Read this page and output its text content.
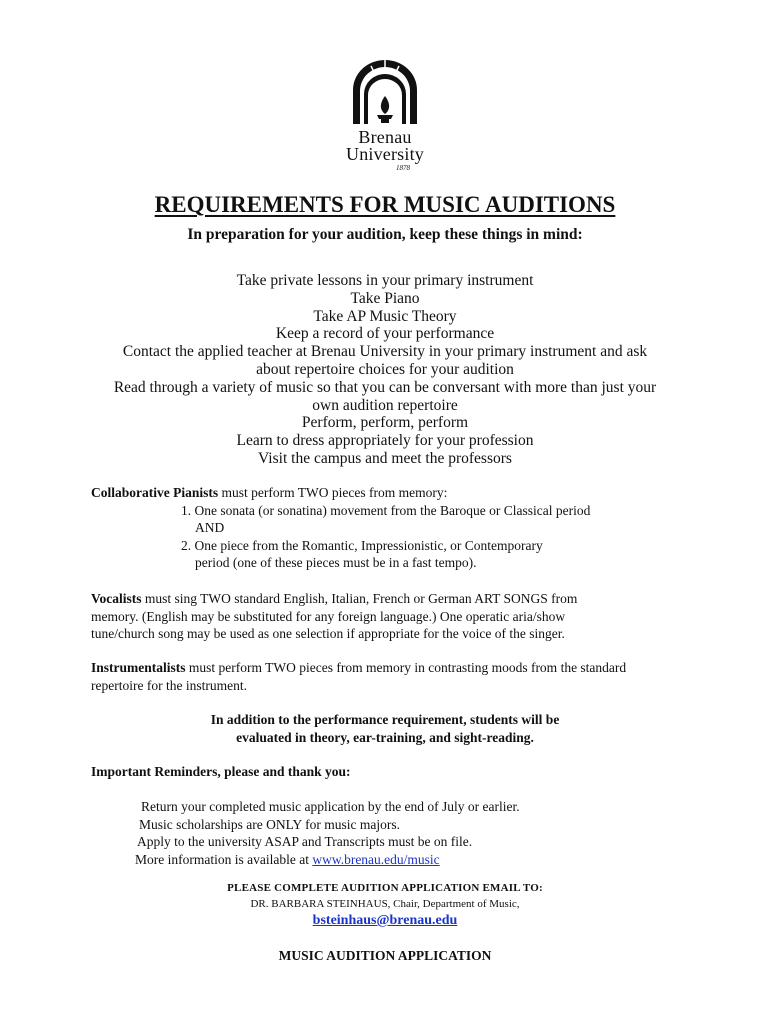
Brenau
University
1878
REQUIREMENTS FOR MUSIC AUDITIONS
In preparation for your audition, keep these things in mind:
Take private lessons in your primary instrument
Take Piano
Take AP Music Theory
Keep a record of your performance
Contact the applied teacher at Brenau University in your primary instrument and ask
about repertoire choices for your audition
Read through a variety of music so that you can be conversant with more than just your
own audition repertoire
Perform, perform, perform
Learn to dress appropriately for your profession
Visit the campus and meet the professors
Collaborative Pianists must perform TWO pieces from memory:
1. One sonata (or sonatina) movement from the Baroque or Classical period
AND
2. One piece from the Romantic, Impressionistic, or Contemporary
period (one of these pieces must be in a fast tempo).
Vocalists must sing TWO standard English, Italian, French or German ART SONGS from
memory. (English may be substituted for any foreign language.) One operatic aria/show
tune/church song may be used as one selection if appropriate for the voice of the singer.
Instrumentalists must perform TWO pieces from memory in contrasting moods from the standard
repertoire for the instrument.
In addition to the performance requirement, students will be
evaluated in theory, ear-training, and sight-reading.
Important Reminders, please and thank you:
Return your completed music application by the end of July or earlier.
Music scholarships are ONLY for music majors.
Apply to the university ASAP and Transcripts must be on file.
More information is available at www.brenau.edu/music
PLEASE COMPLETE AUDITION APPLICATION EMAIL TO:
DR. BARBARA STEINHAUS, Chair, Department of Music,
bsteinhaus@brenau.edu
MUSIC AUDITION APPLICATION
